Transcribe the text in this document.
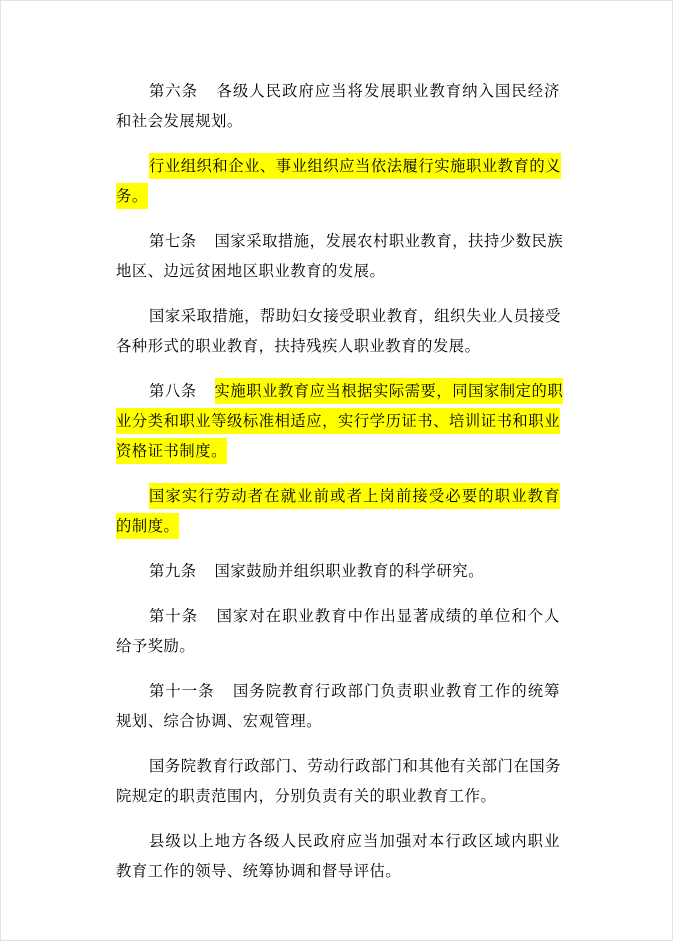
第六条 各级人民政府应当将发展职业教育纳入国民经济
和社会发展规划。
行业组织和企业、事业组织应当依法履行实施职业教育的义
务。
第七条 国家采取措施，发展农村职业教育，扶持少数民族
地区、边远贫困地区职业教育的发展。
国家采取措施，帮助妇女接受职业教育，组织失业人员接受
各种形式的职业教育，扶持残疾人职业教育的发展。
第八条 实施职业教育应当根据实际需要，同国家制定的职
业分类和职业等级标准相适应，实行学历证书、培训证书和职业
资格证书制度。
国家实行劳动者在就业前或者上岗前接受必要的职业教育
的制度。
第九条 国家鼓励并组织职业教育的科学研究。
第十条 国家对在职业教育中作出显著成绩的单位和个人
给予奖励。
第十一条 国务院教育行政部门负责职业教育工作的统筹
规划、综合协调、宏观管理。
国务院教育行政部门、劳动行政部门和其他有关部门在国务
院规定的职责范围内，分别负责有关的职业教育工作。
县级以上地方各级人民政府应当加强对本行政区域内职业
教育工作的领导、统筹协调和督导评估。
